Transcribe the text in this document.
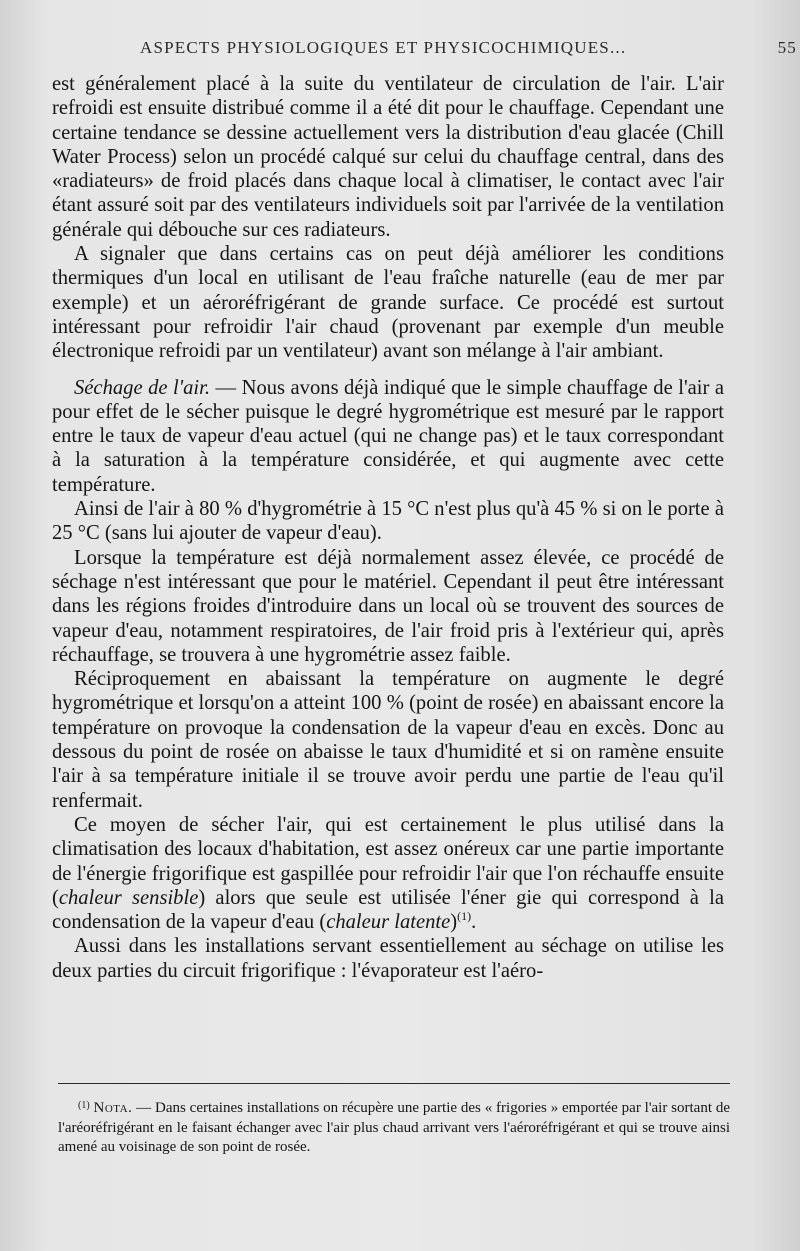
ASPECTS PHYSIOLOGIQUES ET PHYSICOCHIMIQUES...	55

est généralement placé à la suite du ventilateur de circulation de l'air. L'air refroidi est ensuite distribué comme il a été dit pour le chauffage. Cependant une certaine tendance se dessine actuellement vers la distribution d'eau glacée (Chill Water Process) selon un procédé calqué sur celui du chauffage central, dans des «radiateurs» de froid placés dans chaque local à climatiser, le contact avec l'air étant assuré soit par des ventilateurs individuels soit par l'arrivée de la ventilation générale qui débouche sur ces radiateurs.

A signaler que dans certains cas on peut déjà améliorer les conditions thermiques d'un local en utilisant de l'eau fraîche naturelle (eau de mer par exemple) et un aéroréfrigérant de grande surface. Ce procédé est surtout intéressant pour refroidir l'air chaud (provenant par exemple d'un meuble électronique refroidi par un ventilateur) avant son mélange à l'air ambiant.

Séchage de l'air. — Nous avons déjà indiqué que le simple chauffage de l'air a pour effet de le sécher puisque le degré hygrométrique est mesuré par le rapport entre le taux de vapeur d'eau actuel (qui ne change pas) et le taux correspondant à la saturation à la température considérée, et qui augmente avec cette température.

Ainsi de l'air à 80 % d'hygrométrie à 15 °C n'est plus qu'à 45 % si on le porte à 25 °C (sans lui ajouter de vapeur d'eau).

Lorsque la température est déjà normalement assez élevée, ce procédé de séchage n'est intéressant que pour le matériel. Cependant il peut être intéressant dans les régions froides d'introduire dans un local où se trouvent des sources de vapeur d'eau, notamment respiratoires, de l'air froid pris à l'extérieur qui, après réchauffage, se trouvera à une hygrométrie assez faible.

Réciproquement en abaissant la température on augmente le degré hygrométrique et lorsqu'on a atteint 100 % (point de rosée) en abaissant encore la température on provoque la condensation de la vapeur d'eau en excès. Donc au dessous du point de rosée on abaisse le taux d'humidité et si on ramène ensuite l'air à sa température initiale il se trouve avoir perdu une partie de l'eau qu'il renfermait.

Ce moyen de sécher l'air, qui est certainement le plus utilisé dans la climatisation des locaux d'habitation, est assez onéreux car une partie importante de l'énergie frigorifique est gaspillée pour refroidir l'air que l'on réchauffe ensuite (chaleur sensible) alors que seule est utilisée l'éner gie qui correspond à la condensation de la vapeur d'eau (chaleur latente)$^{(1)}$.

Aussi dans les installations servant essentiellement au séchage on utilise les deux parties du circuit frigorifique : l'évaporateur est l'aéro-

$^{(1)}$ Nota. — Dans certaines installations on récupère une partie des « frigories » emportée par l'air sortant de l'aréoréfrigérant en le faisant échanger avec l'air plus chaud arrivant vers l'aéroréfrigérant et qui se trouve ainsi amené au voisinage de son point de rosée.
